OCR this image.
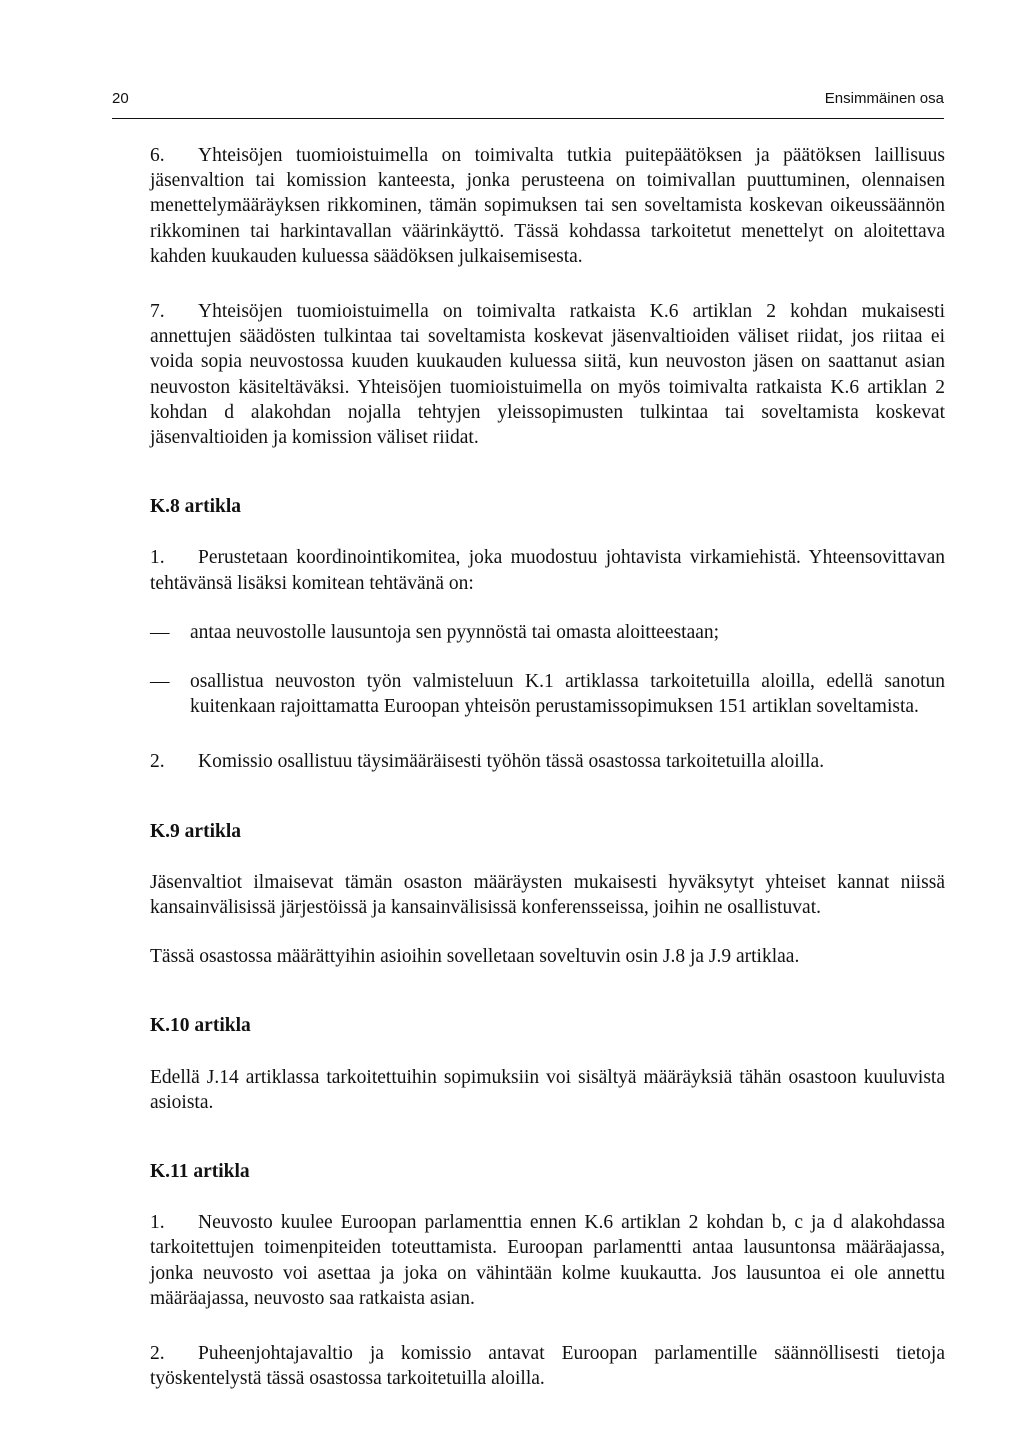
20	Ensimmäinen osa

6. Yhteisöjen tuomioistuimella on toimivalta tutkia puitepäätöksen ja päätöksen laillisuus jäsenvaltion tai komission kanteesta, jonka perusteena on toimivallan puuttuminen, olennaisen menettelymääräyksen rikkominen, tämän sopimuksen tai sen soveltamista koskevan oikeussäännön rikkominen tai harkintavallan väärinkäyttö. Tässä kohdassa tarkoitetut menettelyt on aloitettava kahden kuukauden kuluessa säädöksen julkaisemisesta.

7. Yhteisöjen tuomioistuimella on toimivalta ratkaista K.6 artiklan 2 kohdan mukaisesti annettujen säädösten tulkintaa tai soveltamista koskevat jäsenvaltioiden väliset riidat, jos riitaa ei voida sopia neuvostossa kuuden kuukauden kuluessa siitä, kun neuvoston jäsen on saattanut asian neuvoston käsiteltäväksi. Yhteisöjen tuomioistuimella on myös toimivalta ratkaista K.6 artiklan 2 kohdan d alakohdan nojalla tehtyjen yleissopimusten tulkintaa tai soveltamista koskevat jäsenvaltioiden ja komission väliset riidat.

K.8 artikla

1. Perustetaan koordinointikomitea, joka muodostuu johtavista virkamiehistä. Yhteensovittavan tehtävänsä lisäksi komitean tehtävänä on:

— antaa neuvostolle lausuntoja sen pyynnöstä tai omasta aloitteestaan;
— osallistua neuvoston työn valmisteluun K.1 artiklassa tarkoitetuilla aloilla, edellä sanotun kuitenkaan rajoittamatta Euroopan yhteisön perustamissopimuksen 151 artiklan soveltamista.

2. Komissio osallistuu täysimääräisesti työhön tässä osastossa tarkoitetuilla aloilla.

K.9 artikla

Jäsenvaltiot ilmaisevat tämän osaston määräysten mukaisesti hyväksytyt yhteiset kannat niissä kansainvälisissä järjestöissä ja kansainvälisissä konferensseissa, joihin ne osallistuvat.

Tässä osastossa määrättyihin asioihin sovelletaan soveltuvin osin J.8 ja J.9 artiklaa.

K.10 artikla

Edellä J.14 artiklassa tarkoitettuihin sopimuksiin voi sisältyä määräyksiä tähän osastoon kuuluvista asioista.

K.11 artikla

1. Neuvosto kuulee Euroopan parlamenttia ennen K.6 artiklan 2 kohdan b, c ja d alakohdassa tarkoitettujen toimenpiteiden toteuttamista. Euroopan parlamentti antaa lausuntonsa määräajassa, jonka neuvosto voi asettaa ja joka on vähintään kolme kuukautta. Jos lausuntoa ei ole annettu määräajassa, neuvosto saa ratkaista asian.

2. Puheenjohtajavaltio ja komissio antavat Euroopan parlamentille säännöllisesti tietoja työskentelystä tässä osastossa tarkoitetuilla aloilla.
